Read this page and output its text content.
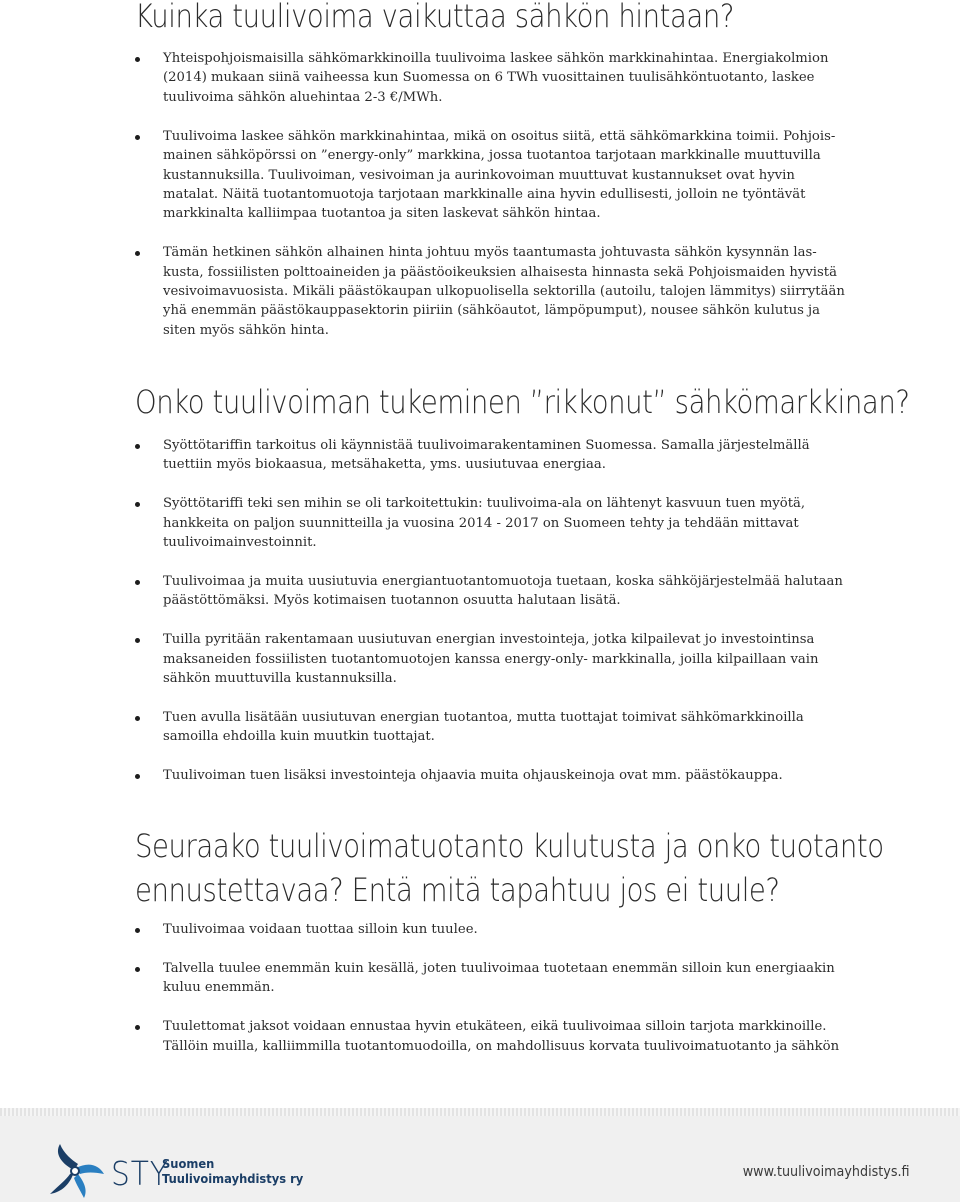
Kuinka tuulivoima vaikuttaa sähkön hintaan?
Yhteispohjoismaisilla sähkömarkkinoilla tuulivoima laskee sähkön markkinahintaa. Energiakolmion
(2014) mukaan siinä vaiheessa kun Suomessa on 6 TWh vuosittainen tuulisähköntuotanto, laskee
tuulivoima sähkön aluehintaa 2-3 €/MWh.
Tuulivoima laskee sähkön markkinahintaa, mikä on osoitus siitä, että sähkömarkkina toimii. Pohjois-
mainen sähköpörssi on ”energy-only” markkina, jossa tuotantoa tarjotaan markkinalle muuttuvilla
kustannuksilla. Tuulivoiman, vesivoiman ja aurinkovoiman muuttuvat kustannukset ovat hyvin
matalat. Näitä tuotantomuotoja tarjotaan markkinalle aina hyvin edullisesti, jolloin ne työntävät
markkinalta kalliimpaa tuotantoa ja siten laskevat sähkön hintaa.
Tämän hetkinen sähkön alhainen hinta johtuu myös taantumasta johtuvasta sähkön kysynnän las-
kusta, fossiilisten polttoaineiden ja päästöoikeuksien alhaisesta hinnasta sekä Pohjoismaiden hyvistä
vesivoimavuosista. Mikäli päästökaupan ulkopuolisella sektorilla (autoilu, talojen lämmitys) siirrytään
yhä enemmän päästökauppasektorin piiriin (sähköautot, lämpöpumput), nousee sähkön kulutus ja
siten myös sähkön hinta.
Onko tuulivoiman tukeminen ”rikkonut” sähkömarkkinan?
Syöttötariffin tarkoitus oli käynnistää tuulivoimarakentaminen Suomessa. Samalla järjestelmällä
tuettiin myös biokaasua, metsähaketta, yms. uusiutuvaa energiaa.
Syöttötariffi teki sen mihin se oli tarkoitettukin: tuulivoima-ala on lähtenyt kasvuun tuen myötä,
hankkeita on paljon suunnitteilla ja vuosina 2014 - 2017 on Suomeen tehty ja tehdään mittavat
tuulivoimainvestoinnit.
Tuulivoimaa ja muita uusiutuvia energiantuotantomuotoja tuetaan, koska sähköjärjestelmää halutaan
päästöttömäksi. Myös kotimaisen tuotannon osuutta halutaan lisätä.
Tuilla pyritään rakentamaan uusiutuvan energian investointeja, jotka kilpailevat jo investointinsa
maksaneiden fossiilisten tuotantomuotojen kanssa energy-only- markkinalla, joilla kilpaillaan vain
sähkön muuttuvilla kustannuksilla.
Tuen avulla lisätään uusiutuvan energian tuotantoa, mutta tuottajat toimivat sähkömarkkinoilla
samoilla ehdoilla kuin muutkin tuottajat.
Tuulivoiman tuen lisäksi investointeja ohjaavia muita ohjauskeinoja ovat mm. päästökauppa.
Seuraako tuulivoimatuotanto kulutusta ja onko tuotanto
ennustettavaa? Entä mitä tapahtuu jos ei tuule?
Tuulivoimaa voidaan tuottaa silloin kun tuulee.
Talvella tuulee enemmän kuin kesällä, joten tuulivoimaa tuotetaan enemmän silloin kun energiaakin
kuluu enemmän.
Tuulettomat jaksot voidaan ennustaa hyvin etukäteen, eikä tuulivoimaa silloin tarjota markkinoille.
Tällöin muilla, kalliimmilla tuotantomuodoilla, on mahdollisuus korvata tuulivoimatuotanto ja sähkön
STY
Suomen
Tuulivoimayhdistys ry	www.tuulivoimayhdistys.fi
